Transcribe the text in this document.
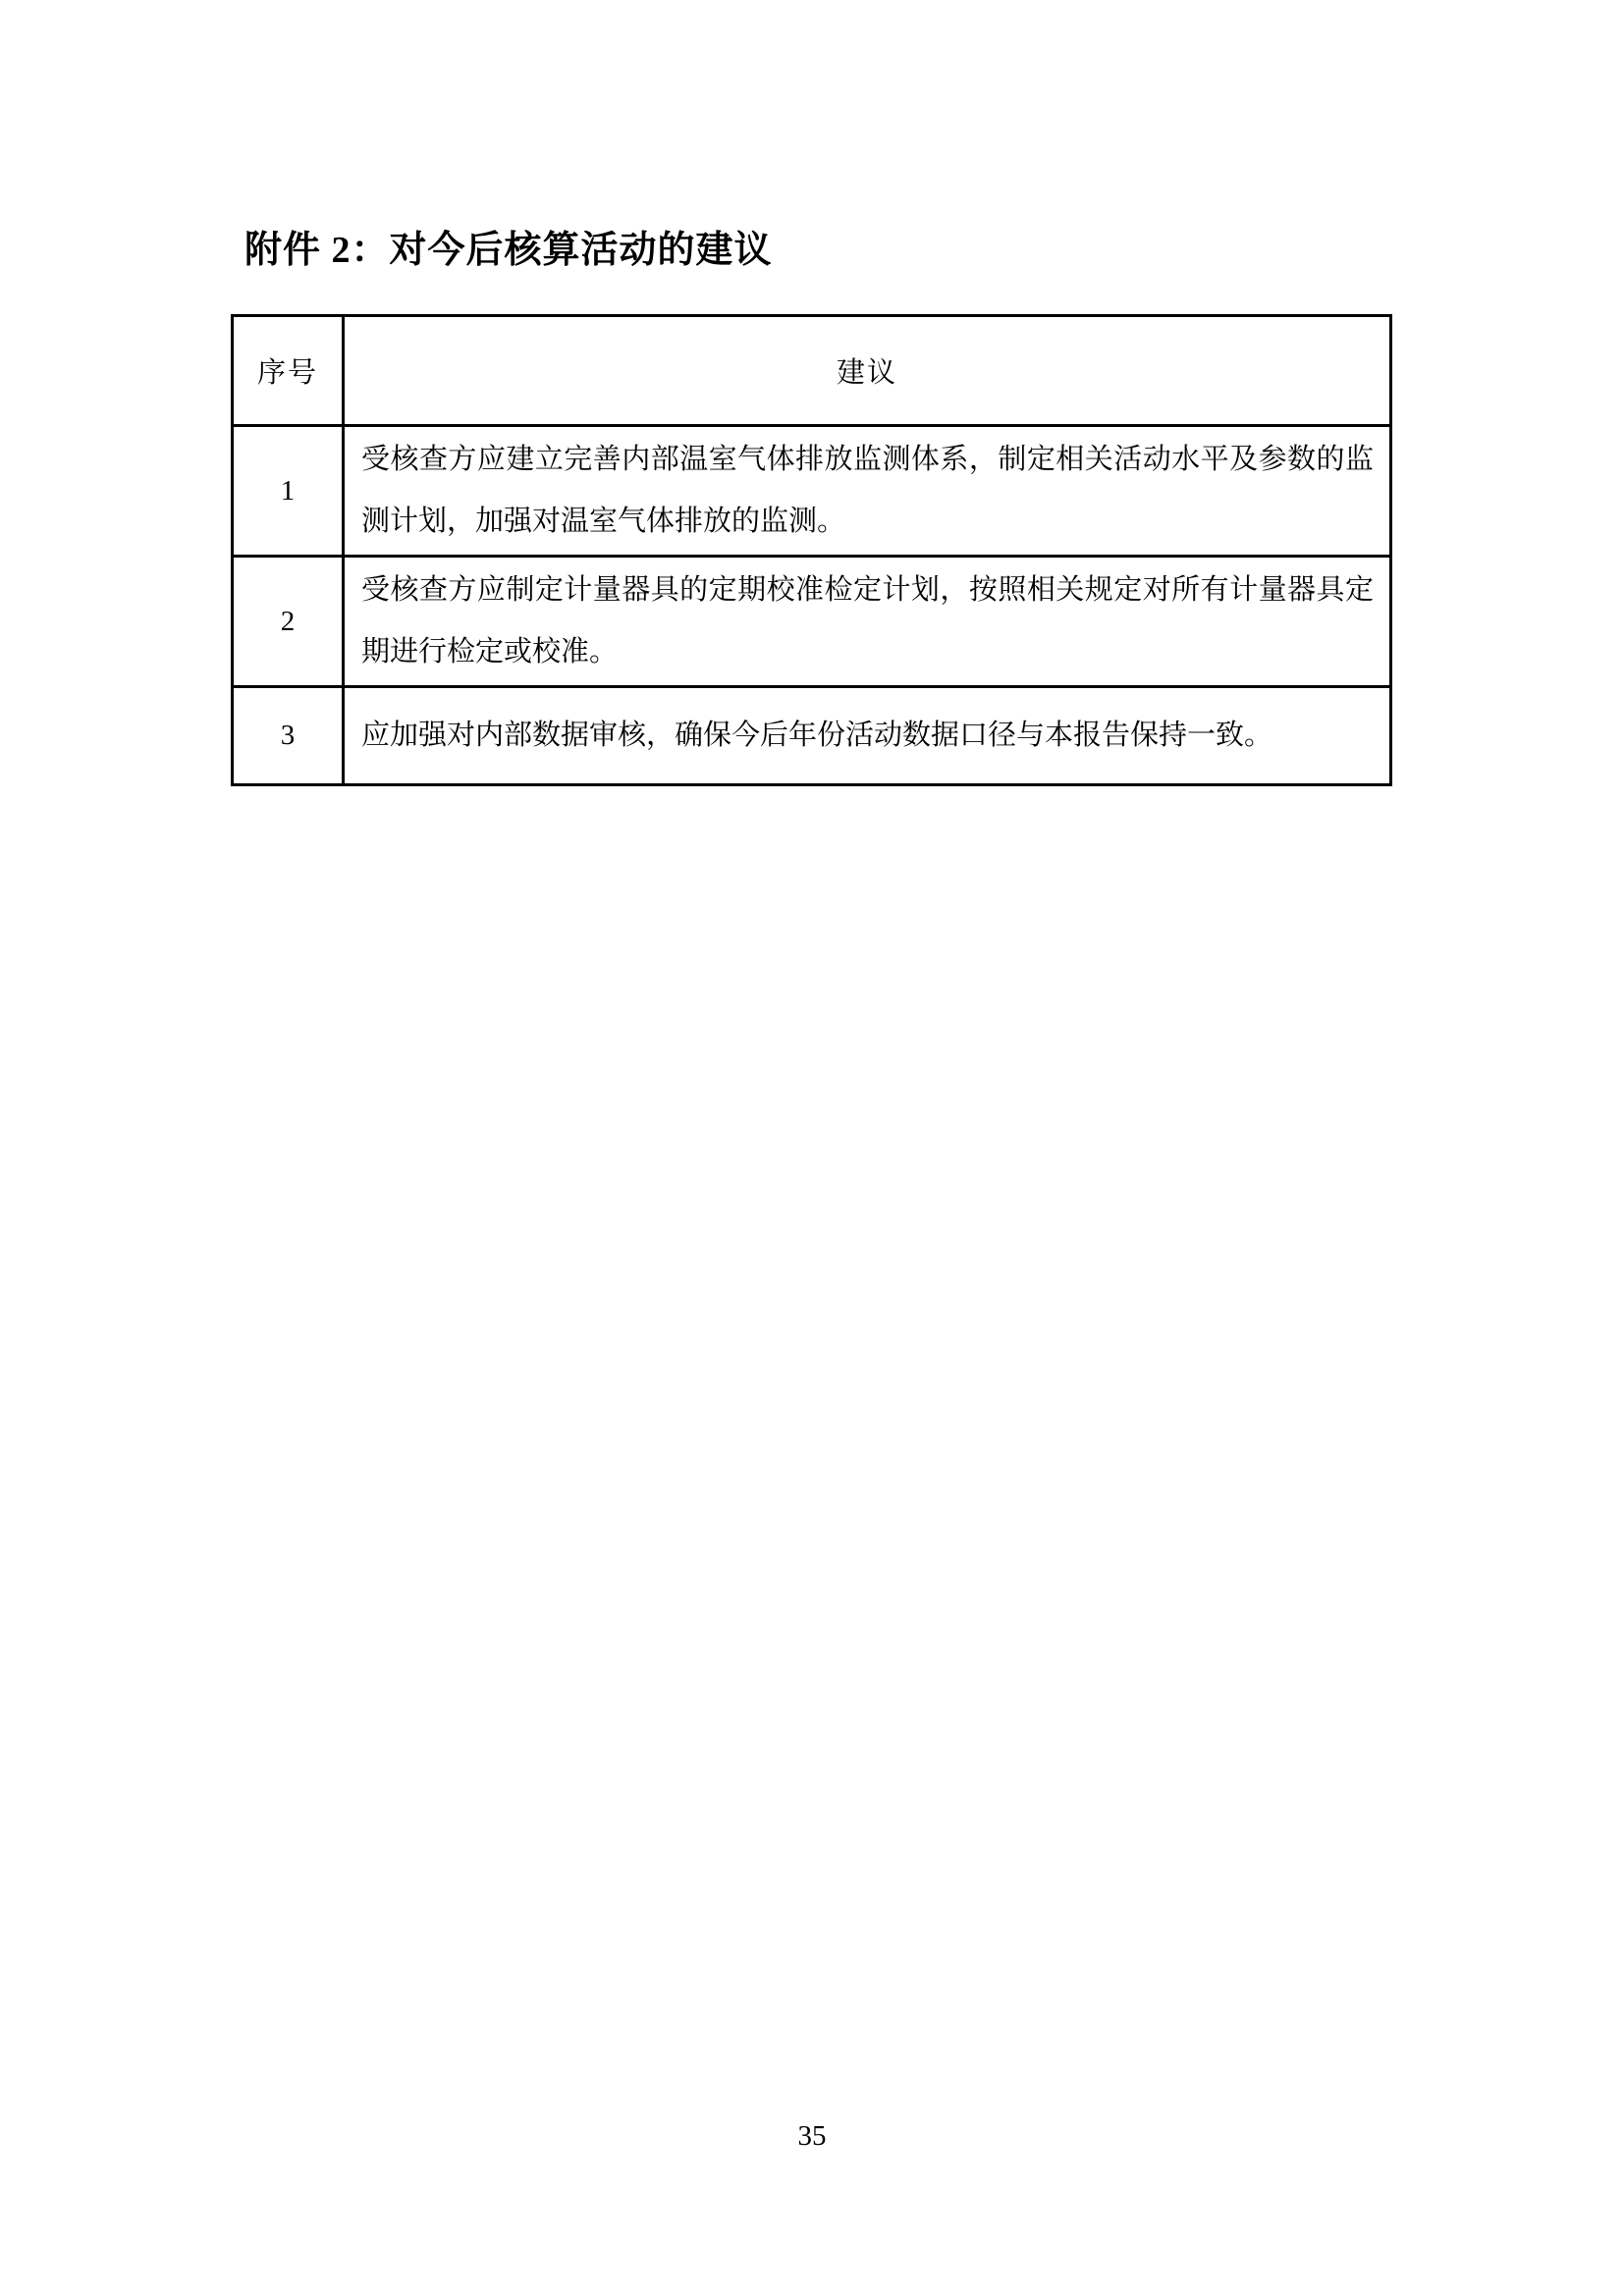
附件 2：对今后核算活动的建议
序号	建议
1	受核查方应建立完善内部温室气体排放监测体系，制定相关活动水平及参数的监测计划，加强对温室气体排放的监测。
2	受核查方应制定计量器具的定期校准检定计划，按照相关规定对所有计量器具定期进行检定或校准。
3	应加强对内部数据审核，确保今后年份活动数据口径与本报告保持一致。
35
